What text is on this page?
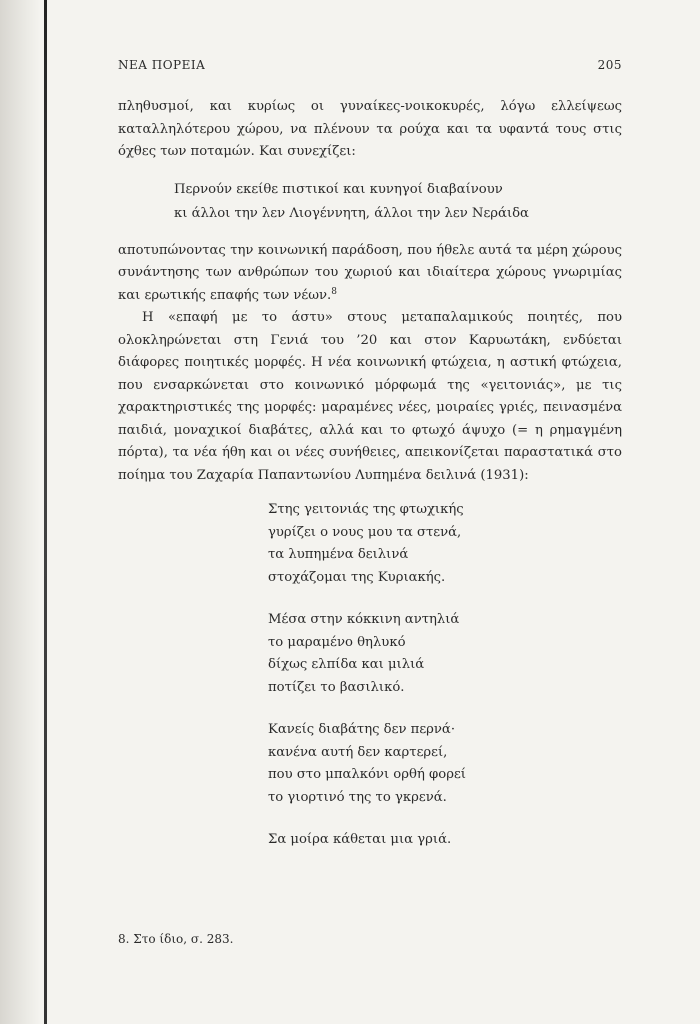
ΝΕΑ ΠΟΡΕΙΑ	205

πληθυσμοί, και κυρίως οι γυναίκες-νοικοκυρές, λόγω ελλείψεως καταλληλότερου χώρου, να πλένουν τα ρούχα και τα υφαντά τους στις όχθες των ποταμών. Και συνεχίζει:

Περνούν εκείθε πιστικοί και κυνηγοί διαβαίνουν
κι άλλοι την λεν Λιογέννητη, άλλοι την λεν Νεράιδα

αποτυπώνοντας την κοινωνική παράδοση, που ήθελε αυτά τα μέρη χώρους συνάντησης των ανθρώπων του χωριού και ιδιαίτερα χώρους γνωριμίας και ερωτικής επαφής των νέων.$^8$

Η «επαφή με το άστυ» στους μεταπαλαμικούς ποιητές, που ολοκληρώνεται στη Γενιά του ’20 και στον Καρυωτάκη, ενδύεται διάφορες ποιητικές μορφές. Η νέα κοινωνική φτώχεια, η αστική φτώχεια, που ενσαρκώνεται στο κοινωνικό μόρφωμά της «γειτονιάς», με τις χαρακτηριστικές της μορφές: μαραμένες νέες, μοιραίες γριές, πεινασμένα παιδιά, μοναχικοί διαβάτες, αλλά και το φτωχό άψυχο (= η ρημαγμένη πόρτα), τα νέα ήθη και οι νέες συνήθειες, απεικονίζεται παραστατικά στο ποίημα του Ζαχαρία Παπαντωνίου Λυπημένα δειλινά (1931):

Στης γειτονιάς της φτωχικής
γυρίζει ο νους μου τα στενά,
τα λυπημένα δειλινά
στοχάζομαι της Κυριακής.
Μέσα στην κόκκινη αντηλιά
το μαραμένο θηλυκό
δίχως ελπίδα και μιλιά
ποτίζει το βασιλικό.
Κανείς διαβάτης δεν περνά·
κανένα αυτή δεν καρτερεί,
που στο μπαλκόνι ορθή φορεί
το γιορτινό της το γκρενά.
Σα μοίρα κάθεται μια γριά.
8. Στο ίδιο, σ. 283.
